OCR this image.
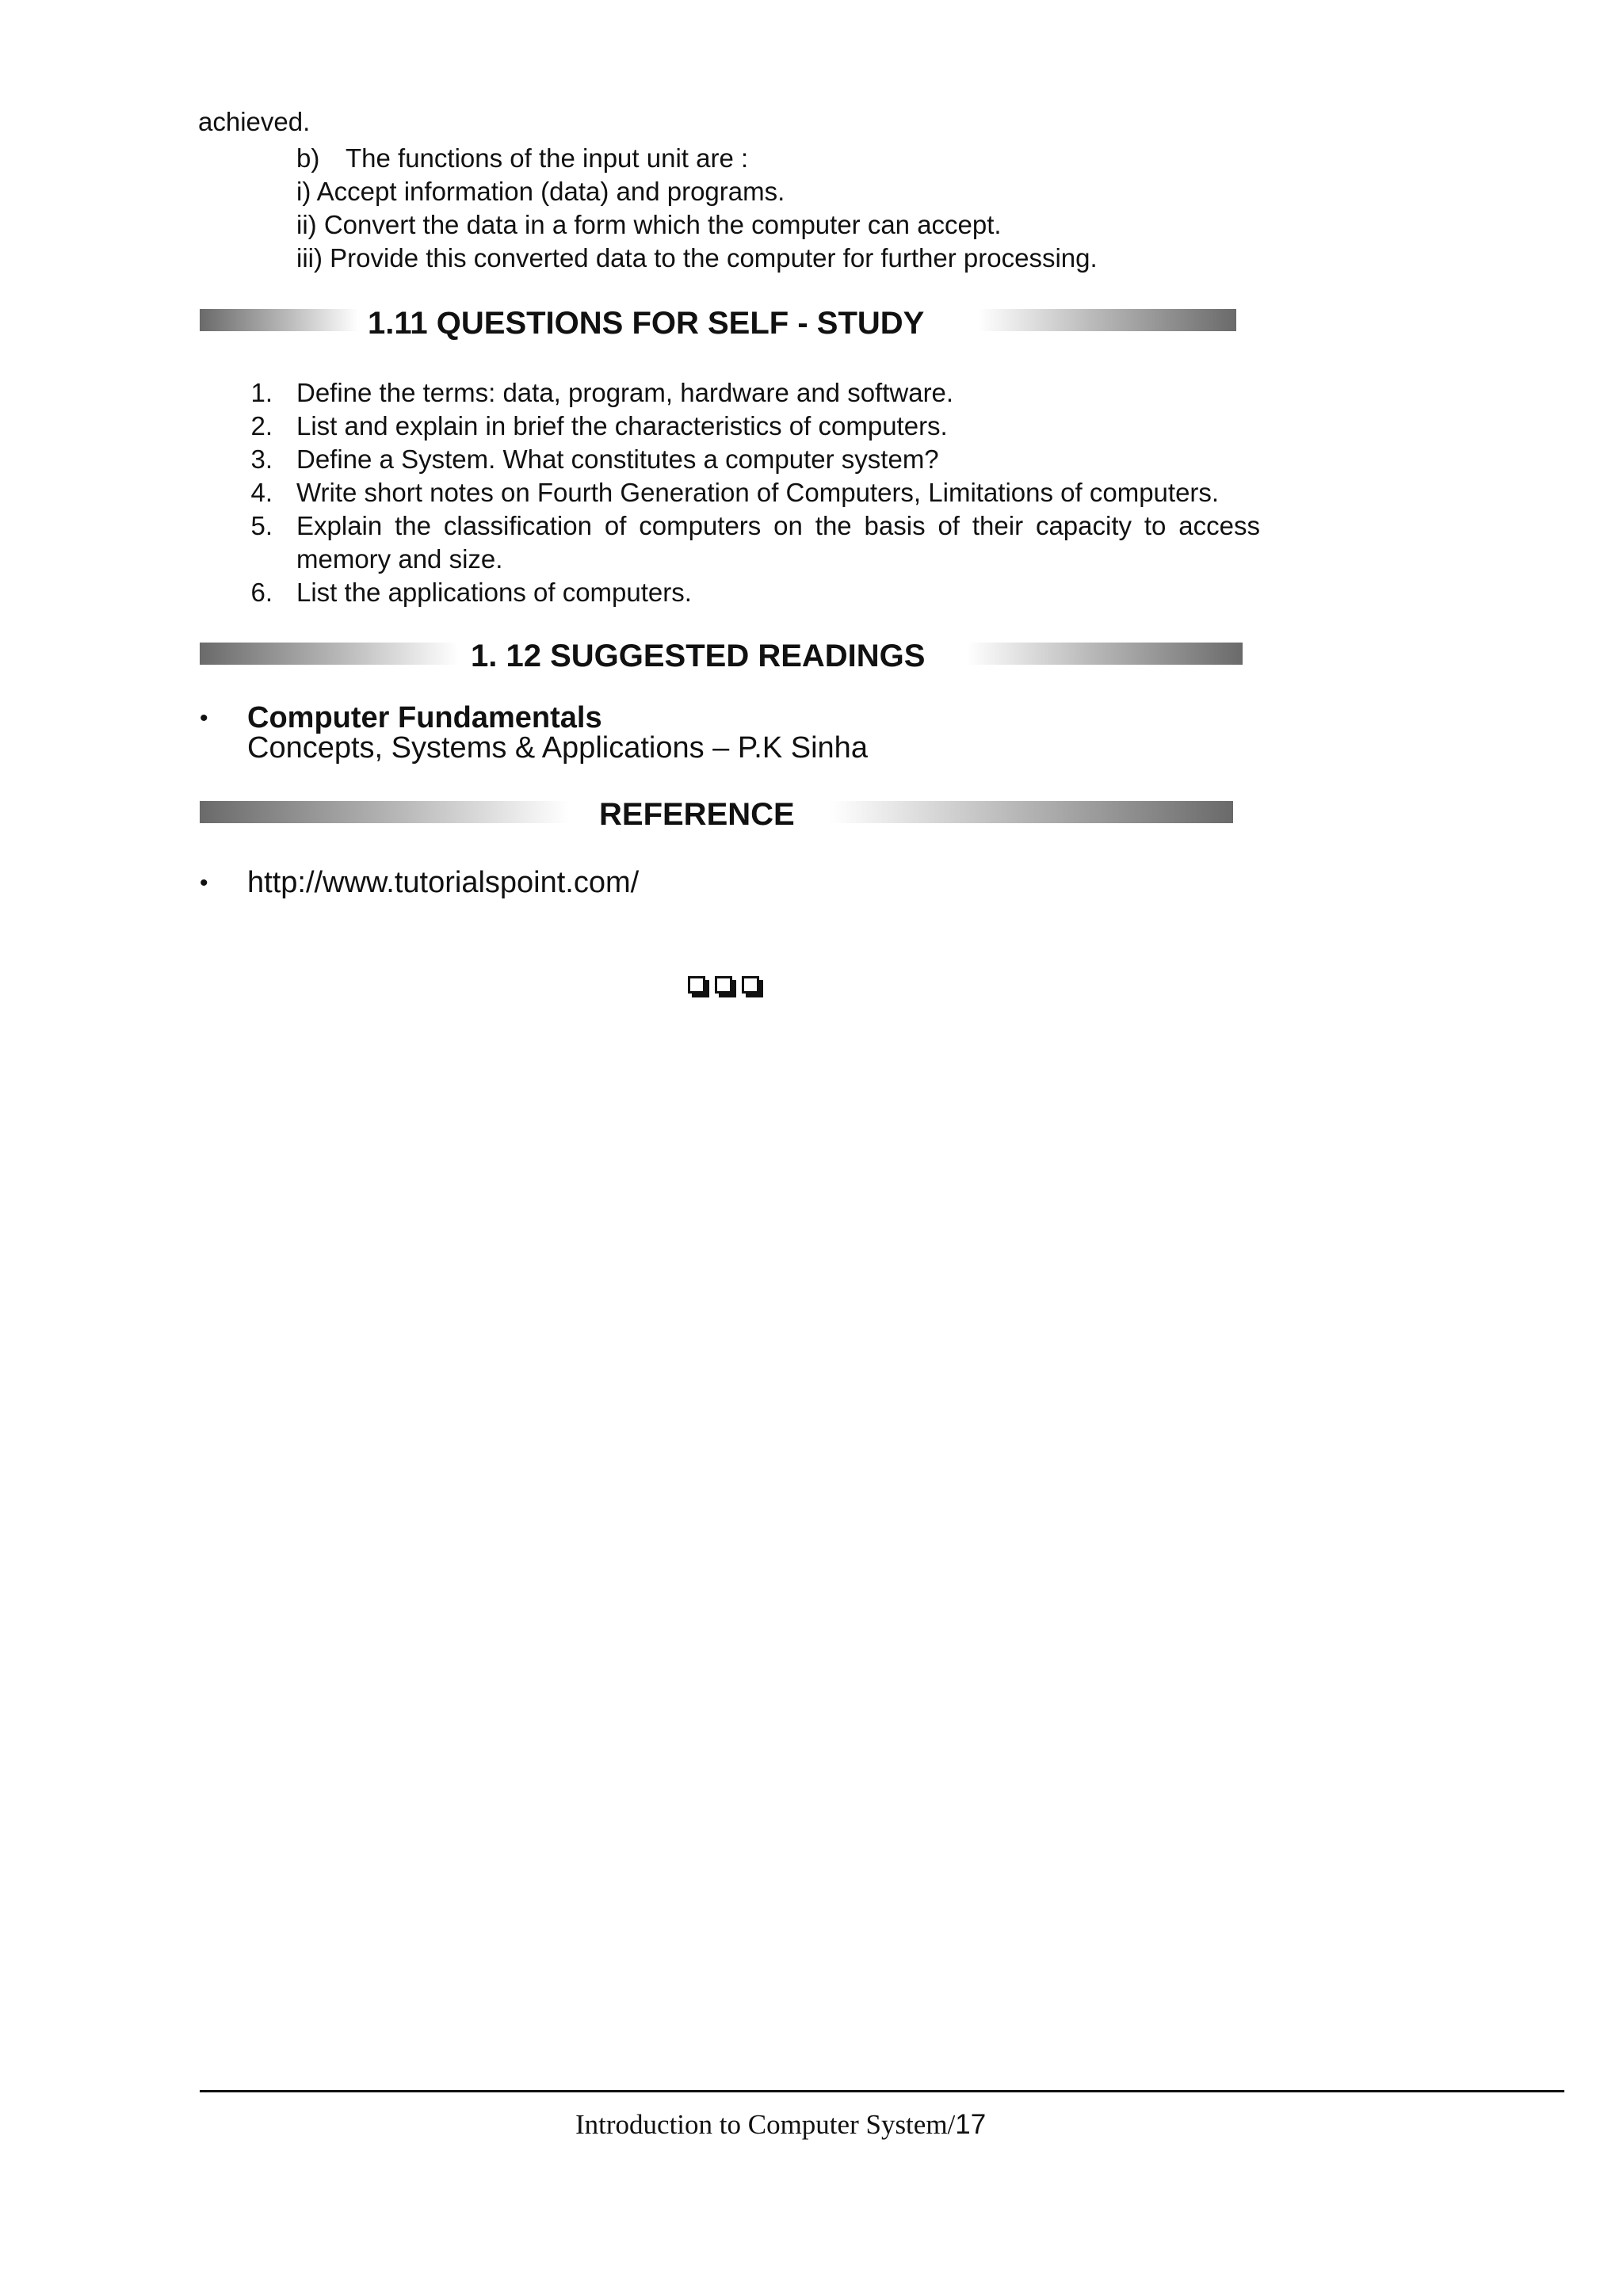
achieved.
b) The functions of the input unit are :
i) Accept information (data) and programs.
ii) Convert the data in a form which the computer can accept.
iii) Provide this converted data to the computer for further processing.
1.11 QUESTIONS FOR SELF - STUDY
1. Define the terms: data, program, hardware and software.
2. List and explain in brief the characteristics of computers.
3. Define a System. What constitutes a computer system?
4. Write short notes on Fourth Generation of Computers, Limitations of computers.
5. Explain the classification of computers on the basis of their capacity to access
memory and size.
6. List the applications of computers.
1. 12 SUGGESTED READINGS
• Computer Fundamentals
Concepts, Systems & Applications – P.K Sinha
REFERENCE
• http://www.tutorialspoint.com/
Introduction to Computer System/17
